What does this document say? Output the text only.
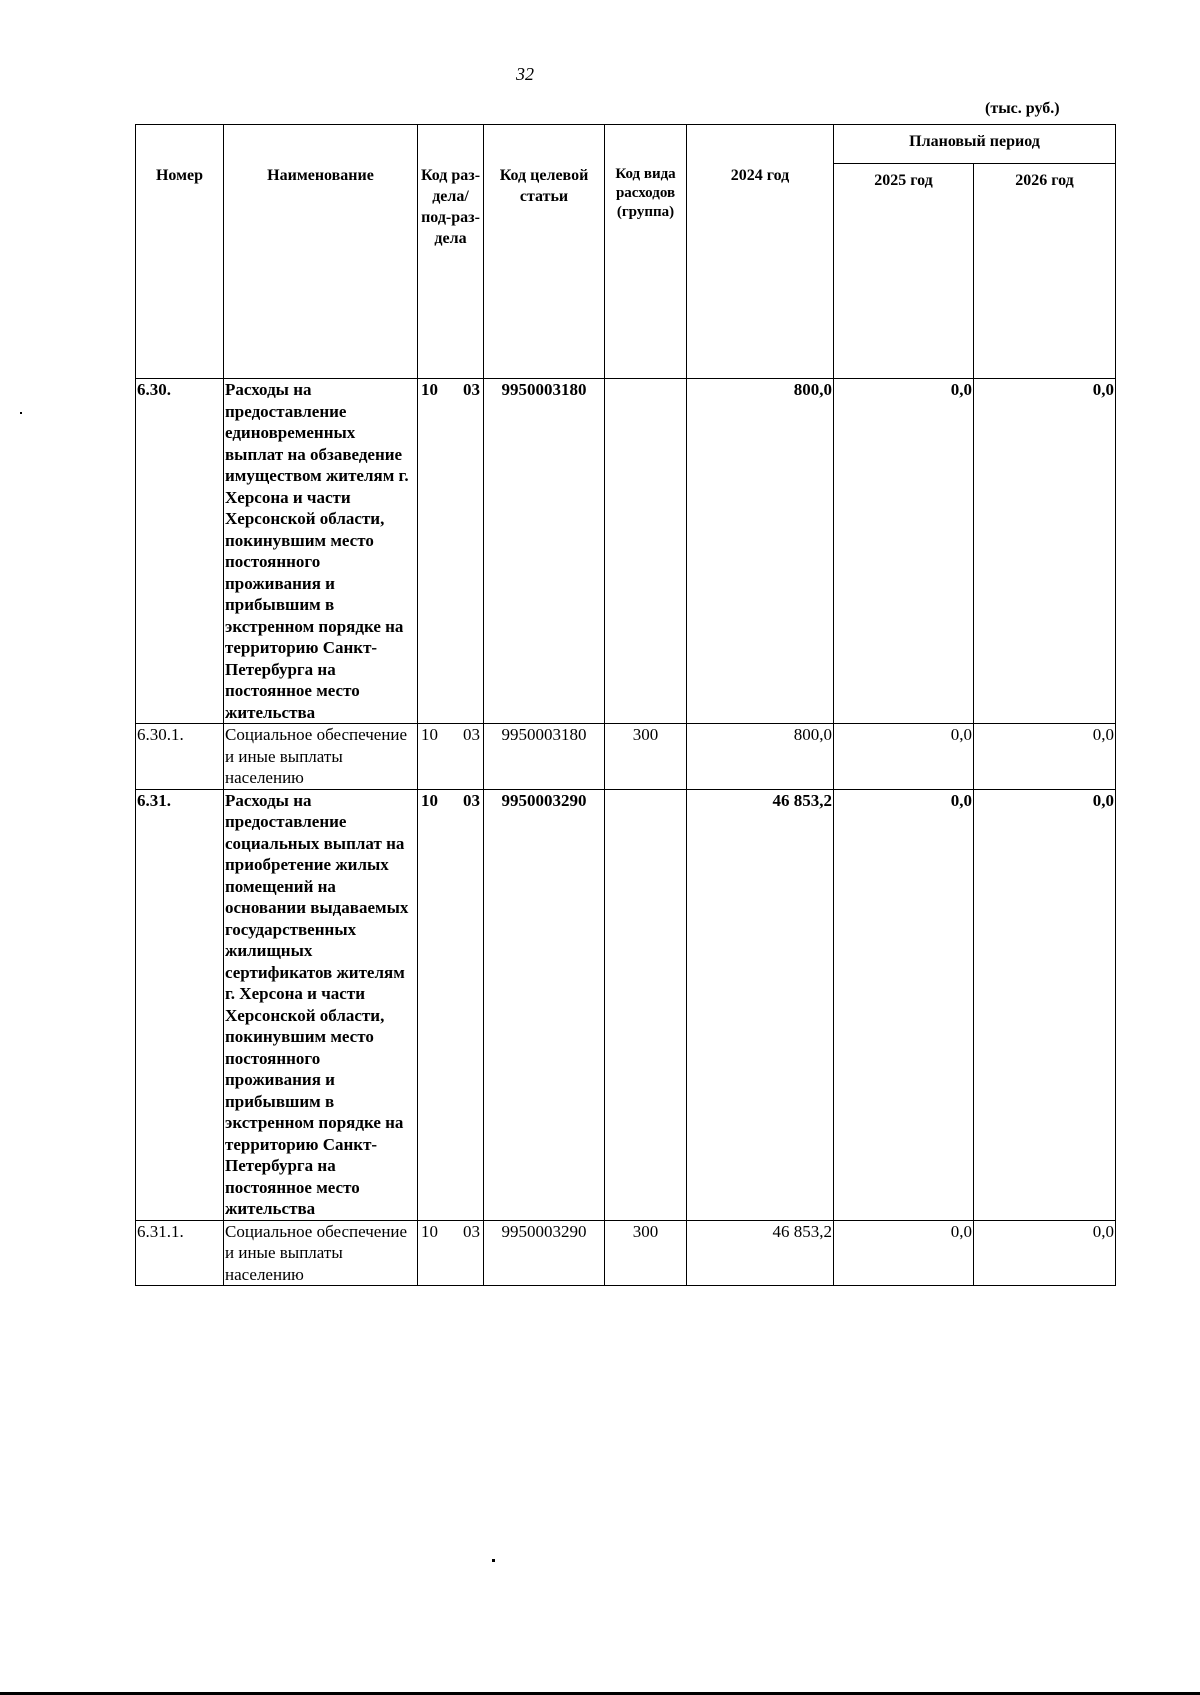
32
(тыс. руб.)
Номер	Наименование	Код раз-дела/ под-раз-дела	Код целевой статьи	Код вида расходов (группа)	2024 год	Плановый период	
						2025 год	2026 год
6.30.	Расходы на предоставление единовременных выплат на обзаведение имуществом жителям г. Херсона и части Херсонской области, покинувшим место постоянного проживания и прибывшим в экстренном порядке на территорию Санкт-Петербурга на постоянное место жительства	10 03	9950003180		800,0	0,0	0,0
6.30.1.	Социальное обеспечение и иные выплаты населению	10 03	9950003180	300	800,0	0,0	0,0
6.31.	Расходы на предоставление социальных выплат на приобретение жилых помещений на основании выдаваемых государственных жилищных сертификатов жителям г. Херсона и части Херсонской области, покинувшим место постоянного проживания и прибывшим в экстренном порядке на территорию Санкт-Петербурга на постоянное место жительства	10 03	9950003290		46 853,2	0,0	0,0
6.31.1.	Социальное обеспечение и иные выплаты населению	10 03	9950003290	300	46 853,2	0,0	0,0
